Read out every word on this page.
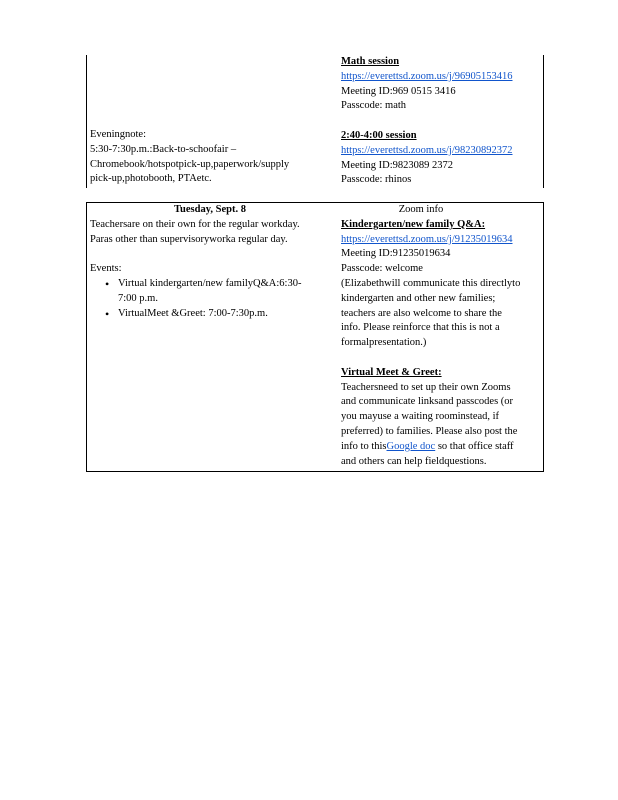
Math session

https://everettsd.zoom.us/j/96905153416

Meeting ID:969 0515 3416

Passcode: math

2:40-4:00 session

https://everettsd.zoom.us/j/98230892372

Meeting ID:9823089 2372

Passcode: rhinos

Eveningnote:

5:30-7:30p.m.:Back-to-schoofair –

Chromebook/hotspotpick-up,paperwork/supply

pick-up,photobooth, PTAetc.

Tuesday, Sept. 8

Teachersare on their own for the regular workday.

Paras other than supervisoryworka regular day.

Events:

• Virtual kindergarten/new familyQ&A:6:30-
7:00 p.m.
• VirtualMeet &Greet: 7:00-7:30p.m.

Zoom info

Kindergarten/new family Q&A:

https://everettsd.zoom.us/j/91235019634

Meeting ID:91235019634

Passcode: welcome

(Elizabethwill communicate this directlyto

kindergarten and other new families;

teachers are also welcome to share the

info. Please reinforce that this is not a

formalpresentation.)

Virtual Meet & Greet:

Teachersneed to set up their own Zooms

and communicate linksand passcodes (or

you mayuse a waiting roominstead, if

preferred) to families. Please also post the

info to thisGoogle doc so that office staff

and others can help fieldquestions.
